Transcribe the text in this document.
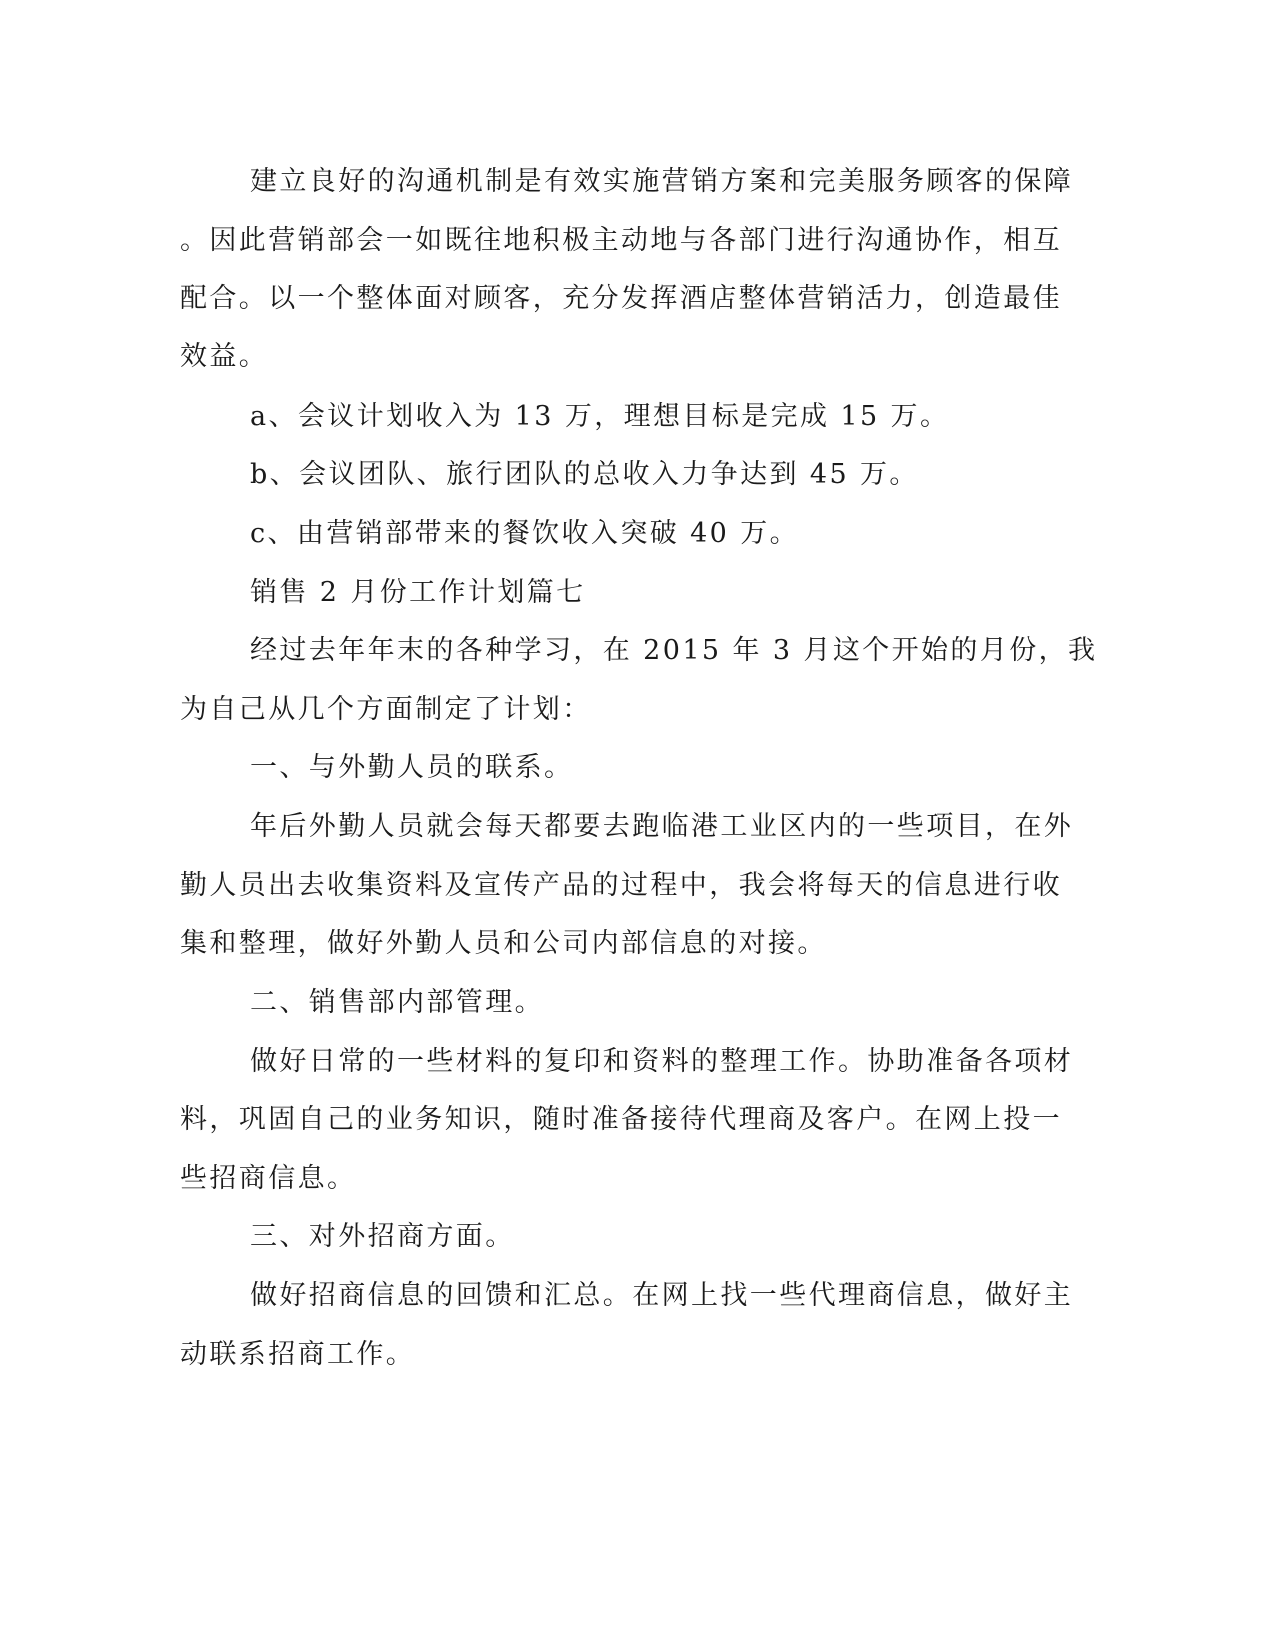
建立良好的沟通机制是有效实施营销方案和完美服务顾客的保障
。因此营销部会一如既往地积极主动地与各部门进行沟通协作，相互
配合。以一个整体面对顾客，充分发挥酒店整体营销活力，创造最佳
效益。
a、会议计划收入为 13 万，理想目标是完成 15 万。
b、会议团队、旅行团队的总收入力争达到 45 万。
c、由营销部带来的餐饮收入突破 40 万。
销售 2 月份工作计划篇七
经过去年年末的各种学习，在 2015 年 3 月这个开始的月份，我
为自己从几个方面制定了计划：
一、与外勤人员的联系。
年后外勤人员就会每天都要去跑临港工业区内的一些项目，在外
勤人员出去收集资料及宣传产品的过程中，我会将每天的信息进行收
集和整理，做好外勤人员和公司内部信息的对接。
二、销售部内部管理。
做好日常的一些材料的复印和资料的整理工作。协助准备各项材
料，巩固自己的业务知识，随时准备接待代理商及客户。在网上投一
些招商信息。
三、对外招商方面。
做好招商信息的回馈和汇总。在网上找一些代理商信息，做好主
动联系招商工作。
